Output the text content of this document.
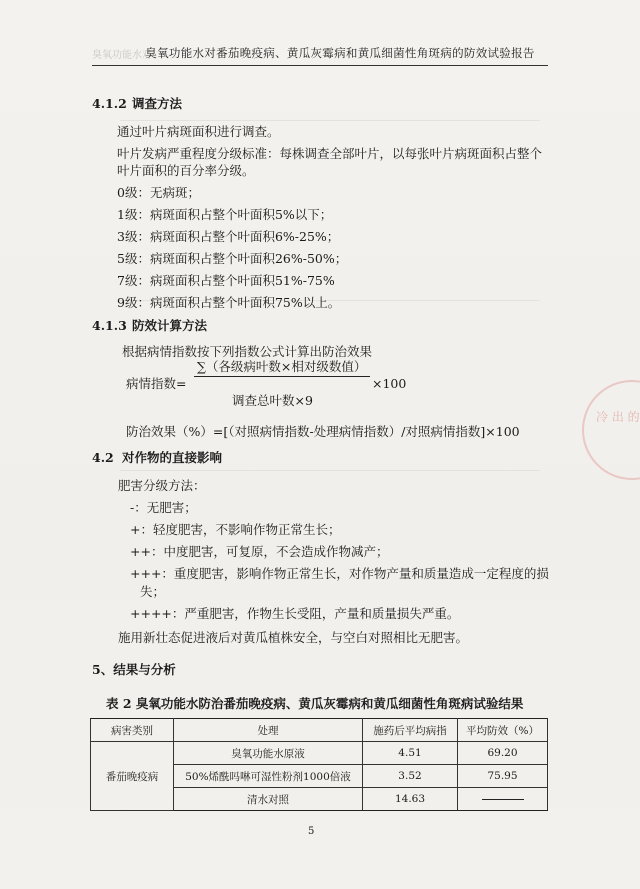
臭氧功能水对
臭氧功能水对番茄晚疫病、黄瓜灰霉病和黄瓜细菌性角斑病的防效试验报告
4.1.2 调查方法
通过叶片病斑面积进行调查。
叶片发病严重程度分级标准：每株调查全部叶片，以每张叶片病斑面积占整个
叶片面积的百分率分级。
0级：无病斑；
1级：病斑面积占整个叶面积5%以下；
3级：病斑面积占整个叶面积6%-25%；
5级：病斑面积占整个叶面积26%-50%；
7级：病斑面积占整个叶面积51%-75%
9级：病斑面积占整个叶面积75%以上。
4.1.3 防效计算方法
根据病情指数按下列指数公式计算出防治效果
∑（各级病叶数×相对级数值）
病情指数=	×100
调查总叶数×9
防治效果（%）=[（对照病情指数-处理病情指数）/对照病情指数]×100
4.2 对作物的直接影响
肥害分级方法：
-：无肥害；
+：轻度肥害，不影响作物正常生长；
++：中度肥害，可复原，不会造成作物减产；
+++：重度肥害，影响作物正常生长，对作物产量和质量造成一定程度的损
失；
++++：严重肥害，作物生长受阻，产量和质量损失严重。
施用新壮态促进液后对黄瓜植株安全，与空白对照相比无肥害。
5、结果与分析
表 2 臭氧功能水防治番茄晚疫病、黄瓜灰霉病和黄瓜细菌性角斑病试验结果
病害类别	处理	施药后平均病指	平均防效（%）
番茄晚疫病	臭氧功能水原液	4.51	69.20
	50%烯酰吗啉可湿性粉剂1000倍液	3.52	75.95
	清水对照	14.63	
5
冷 出 的
